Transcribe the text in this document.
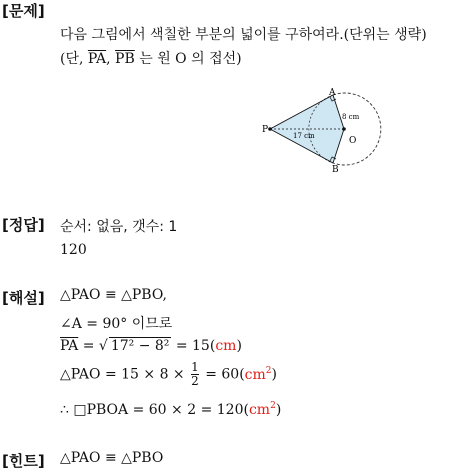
[문제]
다음 그림에서 색칠한 부분의 넓이를 구하여라.(단위는 생략)
(단, $\overline{PA}$, $\overline{PB}$ 는 원 O 의 접선)
A
B
O
P
8 cm
17 cm
[정답] 순서: 없음, 갯수: 1
120
[해설] △PAO ≡ △PBO,
∠A = 90° 이므로
$\overline{PA}$ = √ 17² − 8² = 15(cm)
△PAO = $15 \times 8 \times \frac{1}{2} = 60(cm^2)$
∴ □PBOA = $60 \times 2 = 120(cm^2)$
[힌트] △PAO ≡ △PBO
